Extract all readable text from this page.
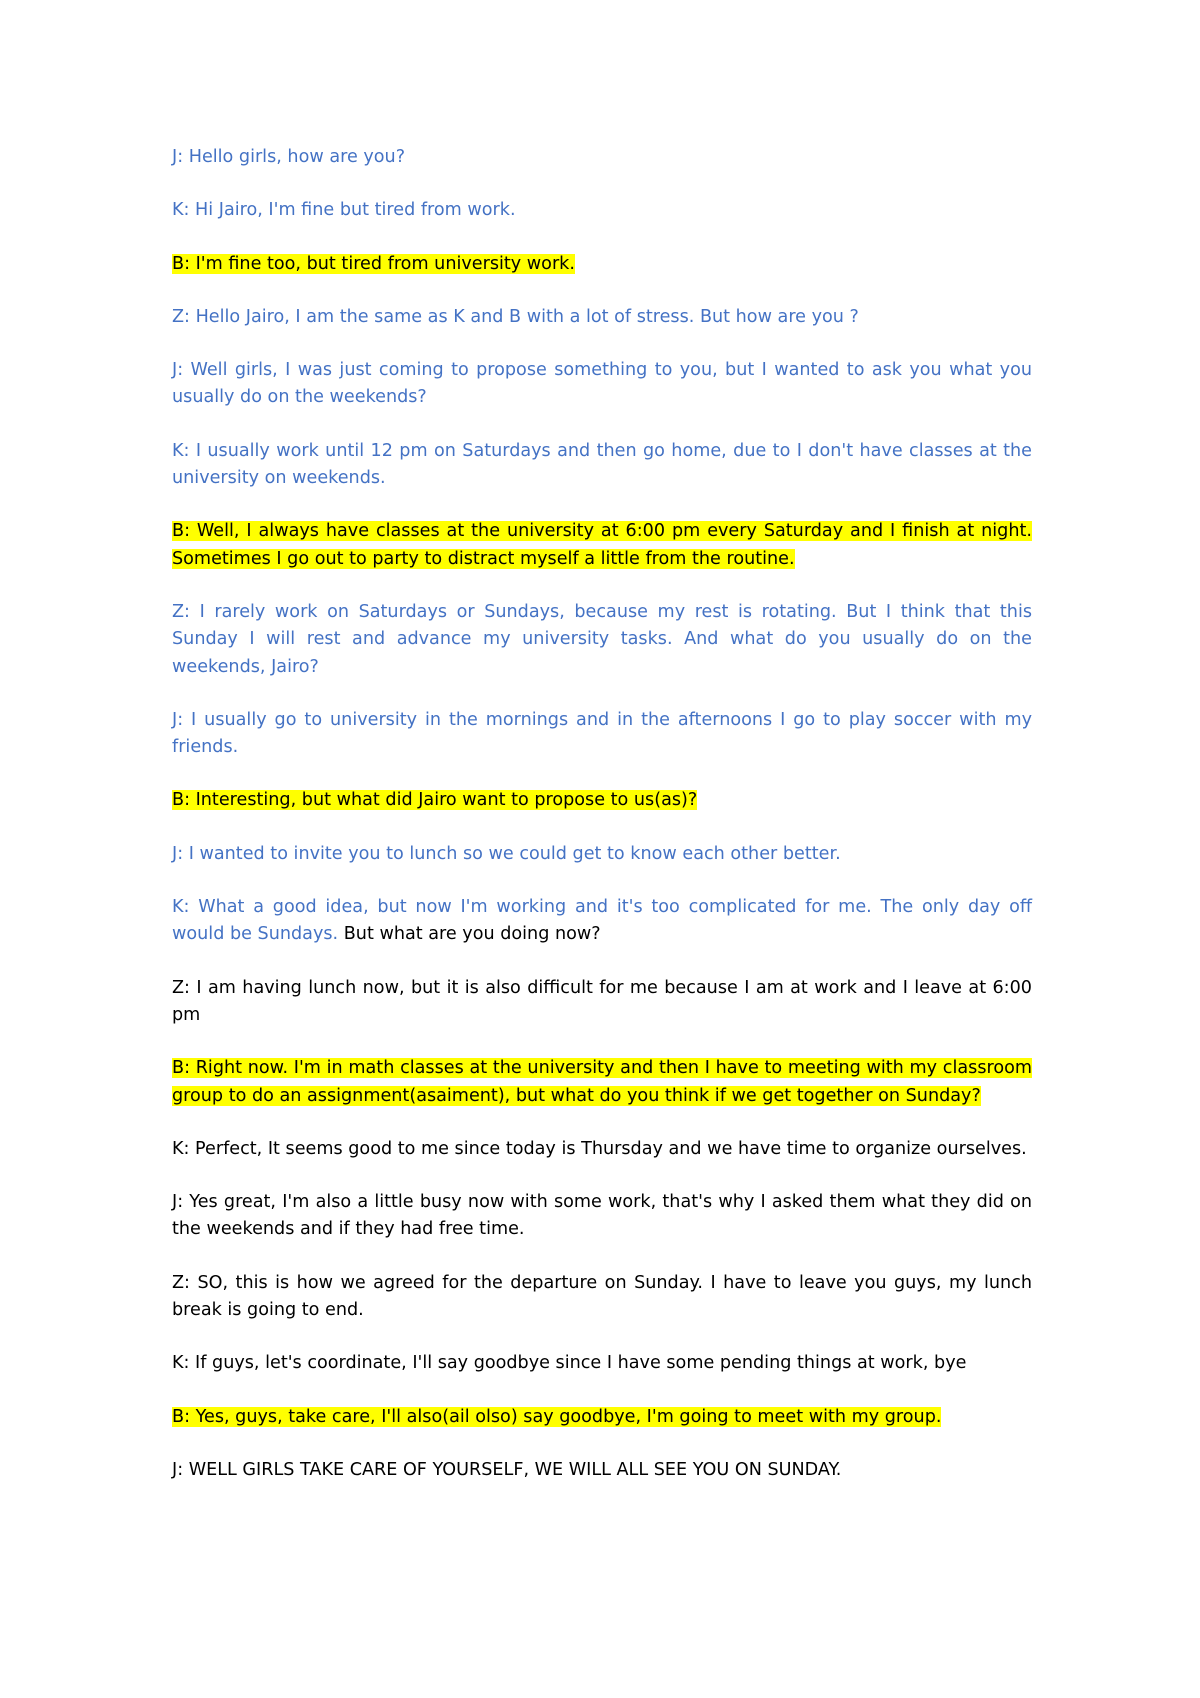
J: Hello girls, how are you?

K: Hi Jairo, I'm fine but tired from work.

B: I'm fine too, but tired from university work.

Z: Hello Jairo, I am the same as K and B with a lot of stress. But how are you ?

J: Well girls, I was just coming to propose something to you, but I wanted to ask you what you usually do on the weekends?

K: I usually work until 12 pm on Saturdays and then go home, due to I don't have classes at the university on weekends.

B: Well, I always have classes at the university at 6:00 pm every Saturday and I finish at night. Sometimes I go out to party to distract myself a little from the routine.

Z: I rarely work on Saturdays or Sundays, because my rest is rotating. But I think that this Sunday I will rest and advance my university tasks. And what do you usually do on the weekends, Jairo?

J: I usually go to university in the mornings and in the afternoons I go to play soccer with my friends.

B: Interesting, but what did Jairo want to propose to us(as)?

J: I wanted to invite you to lunch so we could get to know each other better.

K: What a good idea, but now I'm working and it's too complicated for me. The only day off would be Sundays. But what are you doing now?

Z: I am having lunch now, but it is also difficult for me because I am at work and I leave at 6:00 pm

B: Right now. I'm in math classes at the university and then I have to meeting with my classroom group to do an assignment(asaiment), but what do you think if we get together on Sunday?

K: Perfect, It seems good to me since today is Thursday and we have time to organize ourselves.

J: Yes great, I'm also a little busy now with some work, that's why I asked them what they did on the weekends and if they had free time.

Z: SO, this is how we agreed for the departure on Sunday. I have to leave you guys, my lunch break is going to end.

K: If guys, let's coordinate, I'll say goodbye since I have some pending things at work, bye

B: Yes, guys, take care, I'll also(ail olso) say goodbye, I'm going to meet with my group.

J: WELL GIRLS TAKE CARE OF YOURSELF, WE WILL ALL SEE YOU ON SUNDAY.
